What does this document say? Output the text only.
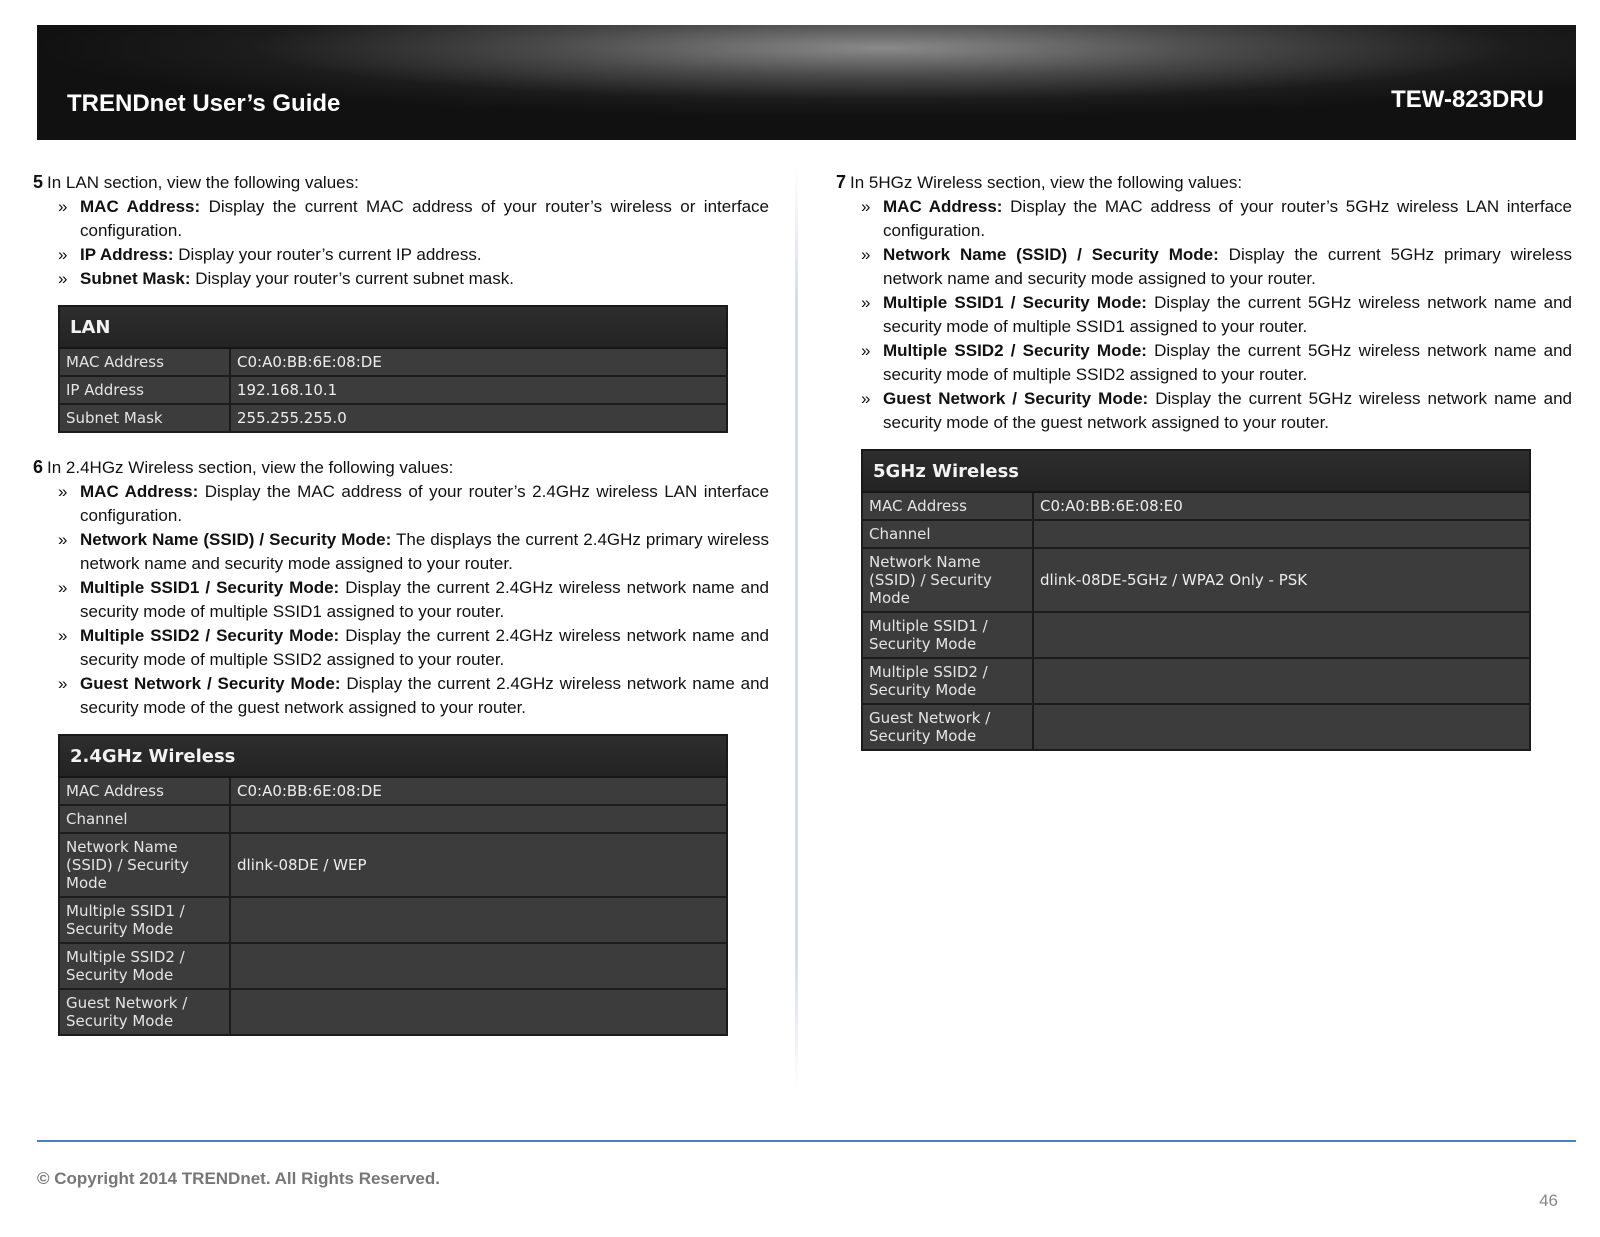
TRENDnet User’s Guide	TEW-823DRU

5 In LAN section, view the following values:

» MAC Address: Display the current MAC address of your router’s wireless or interface configuration.
» IP Address: Display your router’s current IP address.
» Subnet Mask: Display your router’s current subnet mask.
LAN	
MAC Address	C0:A0:BB:6E:08:DE
IP Address	192.168.10.1
Subnet Mask	255.255.255.0

6 In 2.4HGz Wireless section, view the following values:

» MAC Address: Display the MAC address of your router’s 2.4GHz wireless LAN interface configuration.
» Network Name (SSID) / Security Mode: The displays the current 2.4GHz primary wireless network name and security mode assigned to your router.
» Multiple SSID1 / Security Mode: Display the current 2.4GHz wireless network name and security mode of multiple SSID1 assigned to your router.
» Multiple SSID2 / Security Mode: Display the current 2.4GHz wireless network name and security mode of multiple SSID2 assigned to your router.
» Guest Network / Security Mode: Display the current 2.4GHz wireless network name and security mode of the guest network assigned to your router.
2.4GHz Wireless	
MAC Address	C0:A0:BB:6E:08:DE
Channel	
Network Name (SSID) / Security Mode	dlink-08DE / WEP
Multiple SSID1 / Security Mode	
Multiple SSID2 / Security Mode	
Guest Network / Security Mode	

7 In 5HGz Wireless section, view the following values:

» MAC Address: Display the MAC address of your router’s 5GHz wireless LAN interface configuration.
» Network Name (SSID) / Security Mode: Display the current 5GHz primary wireless network name and security mode assigned to your router.
» Multiple SSID1 / Security Mode: Display the current 5GHz wireless network name and security mode of multiple SSID1 assigned to your router.
» Multiple SSID2 / Security Mode: Display the current 5GHz wireless network name and security mode of multiple SSID2 assigned to your router.
» Guest Network / Security Mode: Display the current 5GHz wireless network name and security mode of the guest network assigned to your router.
5GHz Wireless	
MAC Address	C0:A0:BB:6E:08:E0
Channel	
Network Name (SSID) / Security Mode	dlink-08DE-5GHz / WPA2 Only - PSK
Multiple SSID1 / Security Mode	
Multiple SSID2 / Security Mode	
Guest Network / Security Mode	
© Copyright 2014 TRENDnet. All Rights Reserved.
46
